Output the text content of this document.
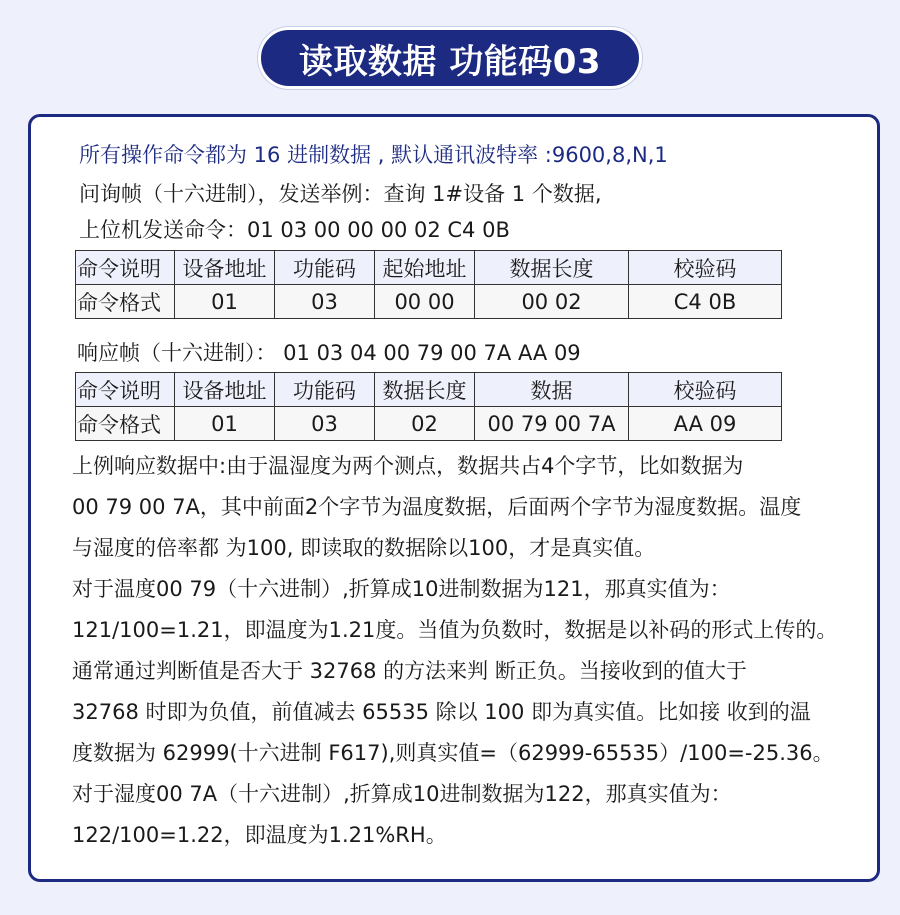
读取数据 功能码03
所有操作命令都为 16 进制数据 , 默认通讯波特率 :9600,8,N,1
问询帧（十六进制），发送举例：查询 1#设备 1 个数据,
上位机发送命令：01 03 00 00 00 02 C4 0B
命令说明	设备地址	功能码	起始地址	数据长度	校验码
命令格式	01	03	00 00	00 02	C4 0B
响应帧（十六进制）： 01 03 04 00 79 00 7A AA 09
命令说明	设备地址	功能码	数据长度	数据	校验码
命令格式	01	03	02	00 79 00 7A	AA 09

上例响应数据中:由于温湿度为两个测点，数据共占4个字节，比如数据为

00 79 00 7A，其中前面2个字节为温度数据，后面两个字节为湿度数据。温度

与湿度的倍率都 为100, 即读取的数据除以100，才是真实值。

对于温度00 79（十六进制）,折算成10进制数据为121，那真实值为：

121/100=1.21，即温度为1.21度。当值为负数时，数据是以补码的形式上传的。

通常通过判断值是否大于 32768 的方法来判 断正负。当接收到的值大于

32768 时即为负值，前值减去 65535 除以 100 即为真实值。比如接 收到的温

度数据为 62999(十六进制 F617),则真实值=（62999-65535）/100=-25.36。

对于湿度00 7A（十六进制）,折算成10进制数据为122，那真实值为：

122/100=1.22，即温度为1.21%RH。
